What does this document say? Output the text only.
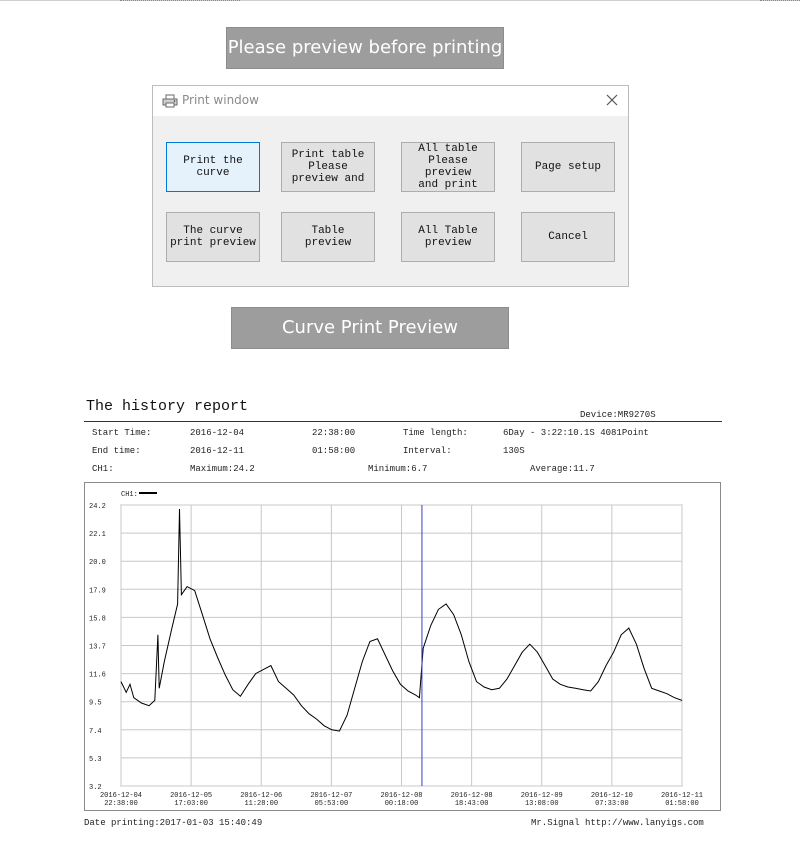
Please preview before printing
Print window
Print the
curve
Print table
Please
preview and
All table
Please preview
and print
Page setup
The curve
print preview
Table
preview
All Table
preview	Cancel
Curve Print Preview
The history report	Device:MR9270S
Start Time:	2016-12-04	22:38:00	Time length:	6Day - 3:22:10.1S 4081Point
End time:	2016-12-11	01:58:00	Interval:	130S
CH1:	Maximum:24.2	Minimum:6.7	Average:11.7
24.2
22.1
20.0
17.9
15.8
13.7
11.6
9.5
7.4
5.3
3.2
2016-12-04
22:38:00
2016-12-05
17:03:00
2016-12-06
11:28:00
2016-12-07
05:53:00
2016-12-08
00:18:00
2016-12-08
18:43:00
2016-12-09
13:08:00
2016-12-10
07:33:00
2016-12-11
01:58:00
CH1:
Date printing:2017-01-03 15:40:49	Mr.Signal http://www.lanyigs.com
